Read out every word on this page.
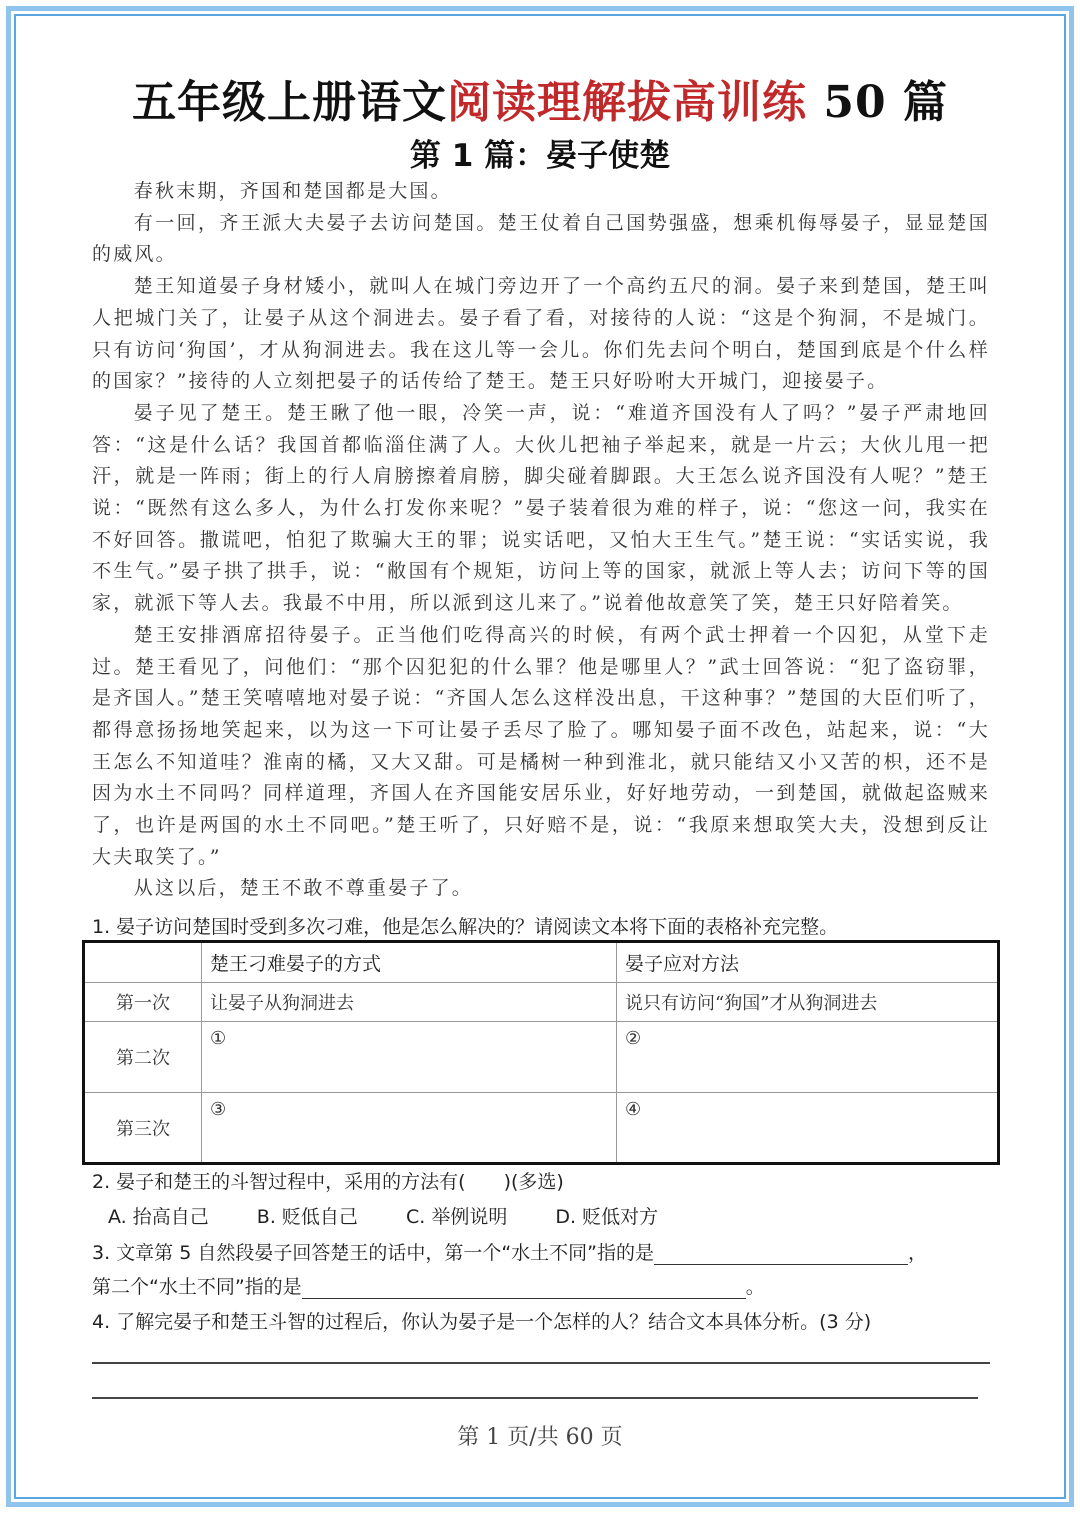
五年级上册语文阅读理解拔高训练 50 篇
第 1 篇：晏子使楚

春秋末期，齐国和楚国都是大国。

有一回，齐王派大夫晏子去访问楚国。楚王仗着自己国势强盛，想乘机侮辱晏子，显显楚国的威风。

楚王知道晏子身材矮小，就叫人在城门旁边开了一个高约五尺的洞。晏子来到楚国，楚王叫人把城门关了，让晏子从这个洞进去。晏子看了看，对接待的人说：“这是个狗洞，不是城门。只有访问‘狗国’，才从狗洞进去。我在这儿等一会儿。你们先去问个明白，楚国到底是个什么样的国家？”接待的人立刻把晏子的话传给了楚王。楚王只好吩咐大开城门，迎接晏子。

晏子见了楚王。楚王瞅了他一眼，冷笑一声，说：“难道齐国没有人了吗？”晏子严肃地回答：“这是什么话？我国首都临淄住满了人。大伙儿把袖子举起来，就是一片云；大伙儿甩一把汗，就是一阵雨；街上的行人肩膀擦着肩膀，脚尖碰着脚跟。大王怎么说齐国没有人呢？”楚王说：“既然有这么多人，为什么打发你来呢？”晏子装着很为难的样子，说：“您这一问，我实在不好回答。撒谎吧，怕犯了欺骗大王的罪；说实话吧，又怕大王生气。”楚王说：“实话实说，我不生气。”晏子拱了拱手，说：“敝国有个规矩，访问上等的国家，就派上等人去；访问下等的国家，就派下等人去。我最不中用，所以派到这儿来了。”说着他故意笑了笑，楚王只好陪着笑。

楚王安排酒席招待晏子。正当他们吃得高兴的时候，有两个武士押着一个囚犯，从堂下走过。楚王看见了，问他们：“那个囚犯犯的什么罪？他是哪里人？”武士回答说：“犯了盗窃罪，是齐国人。”楚王笑嘻嘻地对晏子说：“齐国人怎么这样没出息，干这种事？”楚国的大臣们听了，都得意扬扬地笑起来，以为这一下可让晏子丢尽了脸了。哪知晏子面不改色，站起来，说：“大王怎么不知道哇？淮南的橘，又大又甜。可是橘树一种到淮北，就只能结又小又苦的枳，还不是因为水土不同吗？同样道理，齐国人在齐国能安居乐业，好好地劳动，一到楚国，就做起盗贼来了，也许是两国的水土不同吧。”楚王听了，只好赔不是，说：“我原来想取笑大夫，没想到反让大夫取笑了。”

从这以后，楚王不敢不尊重晏子了。

1. 晏子访问楚国时受到多次刁难，他是怎么解决的？请阅读文本将下面的表格补充完整。
	楚王刁难晏子的方式	晏子应对方法
第一次	让晏子从狗洞进去	说只有访问“狗国”才从狗洞进去
第二次	①	②
第三次	③	④
2. 晏子和楚王的斗智过程中，采用的方法有(　　)(多选)
A. 抬高自己	B. 贬低自己	C. 举例说明	D. 贬低对方
3. 文章第 5 自然段晏子回答楚王的话中，第一个“水土不同”指的是	，
第二个“水土不同”指的是	。
4. 了解完晏子和楚王斗智的过程后，你认为晏子是一个怎样的人？结合文本具体分析。(3 分)
第 1 页/共 60 页
